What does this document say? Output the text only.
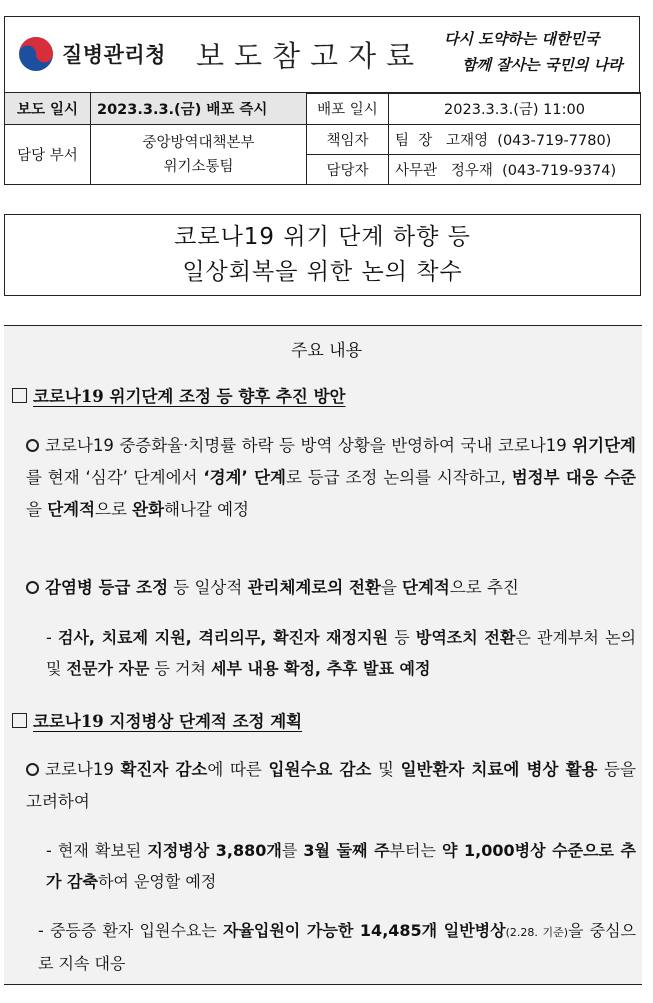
질병관리청 보도참고자료	다시 도약하는 대한민국
함께 잘사는 국민의 나라
보도 일시	2023.3.3.(금) 배포 즉시	배포 일시	2023.3.3.(금) 11:00
담당 부서	중앙방역대책본부
위기소통팀	책임자	팀  장   고재영  (043-719-7780)
		담당자	사무관   정우재  (043-719-9374)
코로나19 위기 단계 하향 등
일상회복을 위한 논의 착수
주요 내용
코로나19 위기단계 조정 등 향후 추진 방안
코로나19 중증화율·치명률 하락 등 방역 상황을 반영하여 국내 코로나19 위기단계를 현재 ‘심각’ 단계에서 ‘경계’ 단계로 등급 조정 논의를 시작하고, 범정부 대응 수준을 단계적으로 완화해나갈 예정
감염병 등급 조정 등 일상적 관리체계로의 전환을 단계적으로 추진
- 검사, 치료제 지원, 격리의무, 확진자 재정지원 등 방역조치 전환은 관계부처 논의 및 전문가 자문 등 거쳐 세부 내용 확정, 추후 발표 예정
코로나19 지정병상 단계적 조정 계획
코로나19 확진자 감소에 따른 입원수요 감소 및 일반환자 치료에 병상 활용 등을 고려하여
- 현재 확보된 지정병상 3,880개를 3월 둘째 주부터는 약 1,000병상 수준으로 추가 감축하여 운영할 예정
- 중등증 환자 입원수요는 자율입원이 가능한 14,485개 일반병상(2.28. 기준)을 중심으로 지속 대응
